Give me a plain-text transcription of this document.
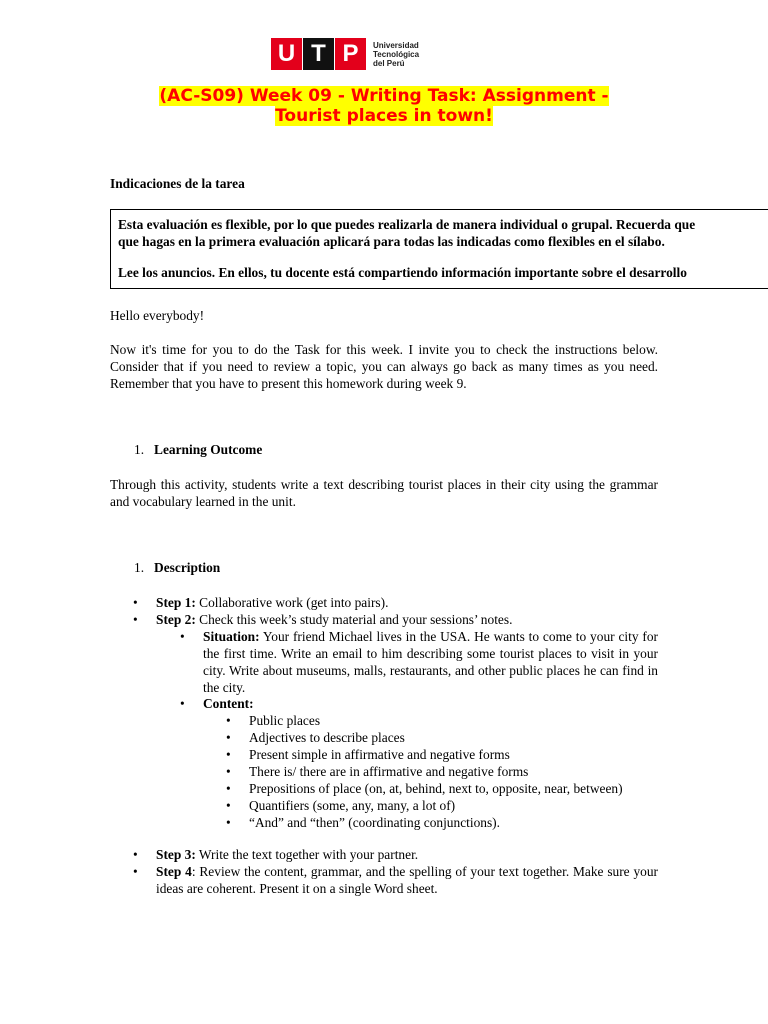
U T P	Universidad
Tecnológica
del Perú
(AC-S09) Week 09 - Writing Task: Assignment -
Tourist places in town!
Indicaciones de la tarea

Esta evaluación es flexible, por lo que puedes realizarla de manera individual o grupal. Recuerda que

que hagas en la primera evaluación aplicará para todas las indicadas como flexibles en el sílabo.

Lee los anuncios. En ellos, tu docente está compartiendo información importante sobre el desarrollo

Hello everybody!
Now it's time for you to do the Task for this week. I invite you to check the instructions below. Consider that if you need to review a topic, you can always go back as many times as you need. Remember that you have to present this homework during week 9.
1. Learning Outcome
Through this activity, students write a text describing tourist places in their city using the grammar and vocabulary learned in the unit.
1. Description
• Step 1: Collaborative work (get into pairs).
• Step 2: Check this week’s study material and your sessions’ notes.
• Situation: Your friend Michael lives in the USA. He wants to come to your city for the first time. Write an email to him describing some tourist places to visit in your city. Write about museums, malls, restaurants, and other public places he can find in the city.
• Content:
• Public places
• Adjectives to describe places
• Present simple in affirmative and negative forms
• There is/ there are in affirmative and negative forms
• Prepositions of place (on, at, behind, next to, opposite, near, between)
• Quantifiers (some, any, many, a lot of)
• “And” and “then” (coordinating conjunctions).
• Step 3: Write the text together with your partner.
• Step 4: Review the content, grammar, and the spelling of your text together. Make sure your ideas are coherent. Present it on a single Word sheet.
